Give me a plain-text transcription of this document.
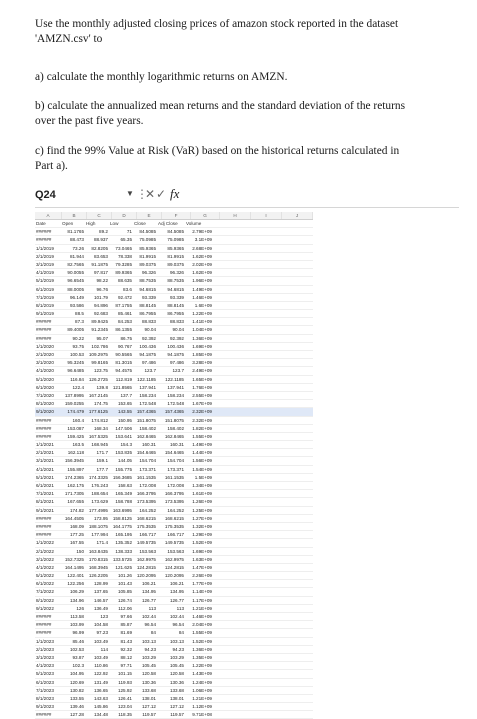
Use the monthly adjusted closing prices of amazon stock reported in the dataset
'AMZN.csv' to
a) calculate the monthly logarithmic returns on AMZN.
b) calculate the annualized mean returns and the standard deviation of the returns
over the past five years.
c) find the 99% Value at Risk (VaR) based on the historical returns calculated in
Part a).
Q24	▼ ⋮
✕ ✓ fx
A	B	C	D	E	F	G	H	I	J
Date	Open	High	Low	Close	Adj Close	Volume
######	81.1765	89.2	71	84.5085	84.5085	2.79E+09
######	88.473	88.937	65.35	75.0985	75.0985	3.1E+09
1/1/2019	73.26	82.8205	73.0465	85.9365	85.9365	2.68E+09
2/1/2019	81.944	83.653	78.338	81.9915	81.9915	1.62E+09
3/1/2019	82.7565	91.1875	79.3285	89.0375	89.0375	2.02E+09
4/1/2019	90.0055	97.817	89.9365	96.326	96.326	1.62E+09
5/1/2019	96.6545	98.22	88.635	88.7535	88.7535	1.96E+09
6/1/2019	88.0005	96.76	83.6	94.6815	94.6815	1.49E+09
7/1/2019	96.149	101.79	92.472	93.339	93.339	1.46E+09
8/1/2019	93.586	94.896	87.1755	88.8145	88.8145	1.6E+09
9/1/2019	88.5	92.683	85.461	86.7955	86.7955	1.22E+09
######	87.3	89.9425	84.253	88.833	88.833	1.41E+09
######	89.4005	91.2345	86.1355	90.04	90.04	1.04E+09
######	90.22	95.07	86.75	92.392	92.392	1.36E+09
1/1/2020	93.75	102.786	90.767	100.436	100.436	1.69E+09
2/1/2020	100.53	109.2975	90.5565	94.1875	94.1875	1.85E+09
3/1/2020	95.3245	99.8165	81.3015	97.486	97.486	3.28E+09
4/1/2020	96.6485	123.75	94.4575	123.7	123.7	2.49E+09
5/1/2020	116.84	126.2725	112.819	122.1185	122.1185	1.65E+09
6/1/2020	122.4	139.8	121.8565	137.941	137.941	1.76E+09
7/1/2020	137.8995	167.2145	137.7	158.234	158.234	2.55E+09
8/1/2020	159.0255	174.75	153.65	172.548	172.548	1.67E+09
9/1/2020	174.479	177.6125	143.55	157.4365	157.4365	2.32E+09
######	160.4	174.812	150.95	151.8075	151.8075	2.32E+09
######	153.087	168.34	147.506	158.402	158.402	1.82E+09
######	159.425	167.5325	153.641	162.8465	162.8465	1.55E+09
1/1/2021	163.5	168.945	154.3	160.31	160.31	1.49E+09
2/1/2021	162.118	171.7	153.835	154.6465	154.6465	1.44E+09
3/1/2021	156.3945	159.1	144.05	154.704	154.704	1.56E+09
4/1/2021	155.897	177.7	155.775	173.371	173.371	1.54E+09
5/1/2021	174.2365	174.3325	156.3685	161.1535	161.1535	1.5E+09
6/1/2021	162.175	176.243	158.63	172.008	172.008	1.34E+09
7/1/2021	171.7305	188.654	165.349	166.3795	166.3795	1.61E+09
8/1/2021	167.655	173.629	158.788	173.5395	173.5395	1.26E+09
9/1/2021	174.82	177.4995	163.6995	164.252	164.252	1.25E+09
######	164.4505	173.95	158.8125	168.6215	168.6215	1.27E+09
######	168.09	188.1075	164.1775	175.3535	175.3535	1.32E+09
######	177.25	177.994	165.195	166.717	166.717	1.29E+09
1/1/2022	167.55	171.4	135.352	149.5735	149.5735	1.52E+09
2/1/2022	150	163.8435	138.333	153.563	153.563	1.69E+09
3/1/2022	152.7325	170.8315	133.5725	162.9975	162.9975	1.63E+09
4/1/2022	164.1495	168.3945	121.625	124.2815	124.2815	1.47E+09
5/1/2022	122.401	126.2205	101.26	120.2095	120.2095	2.26E+09
6/1/2022	122.256	128.99	101.43	106.21	106.21	1.77E+09
7/1/2022	106.29	137.65	105.85	134.95	134.95	1.14E+09
8/1/2022	134.96	146.57	126.74	126.77	126.77	1.17E+09
9/1/2022	126	136.49	112.06	113	113	1.21E+09
######	113.58	123	97.66	102.44	102.44	1.46E+09
######	103.99	104.58	85.87	96.54	96.54	2.04E+09
######	96.99	97.23	81.69	84	84	1.55E+09
1/1/2023	85.46	103.49	81.43	103.13	103.13	1.52E+09
2/1/2023	102.53	114	92.32	94.23	94.23	1.36E+09
3/1/2023	93.87	103.49	88.12	103.29	103.29	1.35E+09
4/1/2023	102.3	110.86	97.71	105.45	105.45	1.22E+09
5/1/2023	104.95	122.92	101.15	120.58	120.58	1.43E+09
6/1/2023	120.69	131.49	119.93	130.36	130.36	1.24E+09
7/1/2023	130.82	136.65	125.92	133.68	133.68	1.06E+09
8/1/2023	133.55	143.63	126.41	138.01	138.01	1.21E+09
9/1/2023	139.46	145.86	123.04	127.12	127.12	1.12E+09
######	127.28	134.48	118.35	119.57	119.57	9.71E+08
